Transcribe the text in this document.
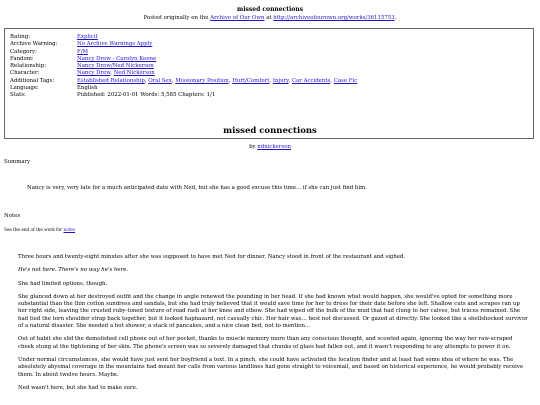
missed connections
Posted originally on the Archive of Our Own at http://archiveofourown.org/works/36115753.
Rating:	Explicit
Archive Warning:	No Archive Warnings Apply
Category:	F/M
Fandom:	Nancy Drew - Carolyn Keene
Relationship:	Nancy Drew/Ned Nickerson
Character:	Nancy Drew, Ned Nickerson
Additional Tags:	Established Relationship, Oral Sex, Missionary Position, Hurt/Comfort, Injury, Car Accidents, Case Fic
Language:	English
Stats:	Published: 2022-01-01 Words: 5,585 Chapters: 1/1
missed connections
by ndnickerson
Summary
Nancy is very, very late for a much anticipated date with Ned, but she has a good excuse this time... if she can just find him.
Notes
See the end of the work for notes

Three hours and twenty-eight minutes after she was supposed to have met Ned for dinner, Nancy stood in front of the restaurant and sighed.

He's not here. There's no way he's here.

She had limited options, though.

She glanced down at her destroyed outfit and the change in angle renewed the pounding in her head. If she had known what would happen, she would've opted for something more substantial than the thin cotton sundress and sandals, but she had truly believed that it would save time for her to dress for their date before she left. Shallow cuts and scrapes ran up her right side, leaving the crusted ruby-toned texture of road rash at her knee and elbow. She had wiped off the bulk of the mud that had clung to her calves, but traces remained. She had tied the torn shoulder strap back together, but it looked haphazard, not casually chic. Her hair was… best not discussed. Or gazed at directly. She looked like a shellshocked survivor of a natural disaster. She needed a hot shower, a stack of pancakes, and a nice clean bed, not to mention…

Out of habit she slid the demolished cell phone out of her pocket, thanks to muscle memory more than any conscious thought, and scowled again, ignoring the way her raw-scraped cheek stung at the tightening of her skin. The phone's screen was so severely damaged that chunks of glass had fallen out, and it wasn't responding to any attempts to power it on.

Under normal circumstances, she would have just sent her boyfriend a text. In a pinch, she could have activated the location finder and at least had some idea of where he was. The absolutely abysmal coverage in the mountains had meant her calls from various landlines had gone straight to voicemail, and based on historical experience, he would probably receive them. In about twelve hours. Maybe.

Ned wasn't here, but she had to make sure.
